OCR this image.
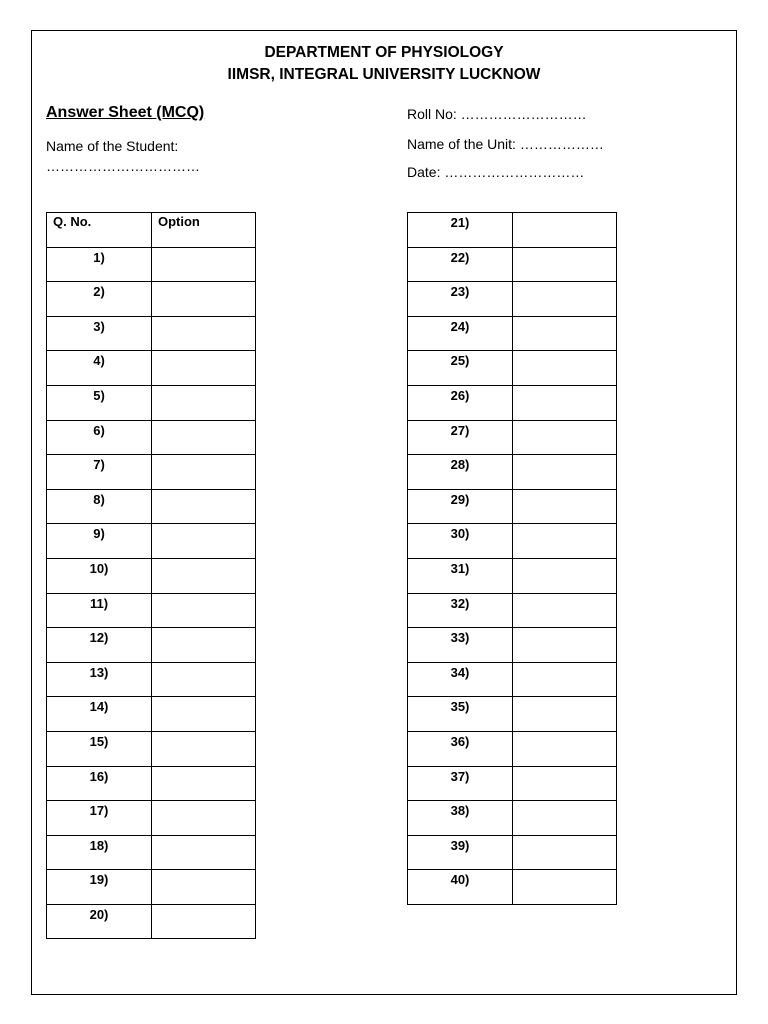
DEPARTMENT OF PHYSIOLOGY
IIMSR, INTEGRAL UNIVERSITY LUCKNOW
Answer Sheet (MCQ)
Name of the Student:
……………………………
Roll No: ………………………
Name of the Unit: ………………
Date: …………………………
Q. No.	Option
1)	
2)	
3)	
4)	
5)	
6)	
7)	
8)	
9)	
10)	
11)	
12)	
13)	
14)	
15)	
16)	
17)	
18)	
19)	
20)	
21)	
22)	
23)	
24)	
25)	
26)	
27)	
28)	
29)	
30)	
31)	
32)	
33)	
34)	
35)	
36)	
37)	
38)	
39)	
40)	
